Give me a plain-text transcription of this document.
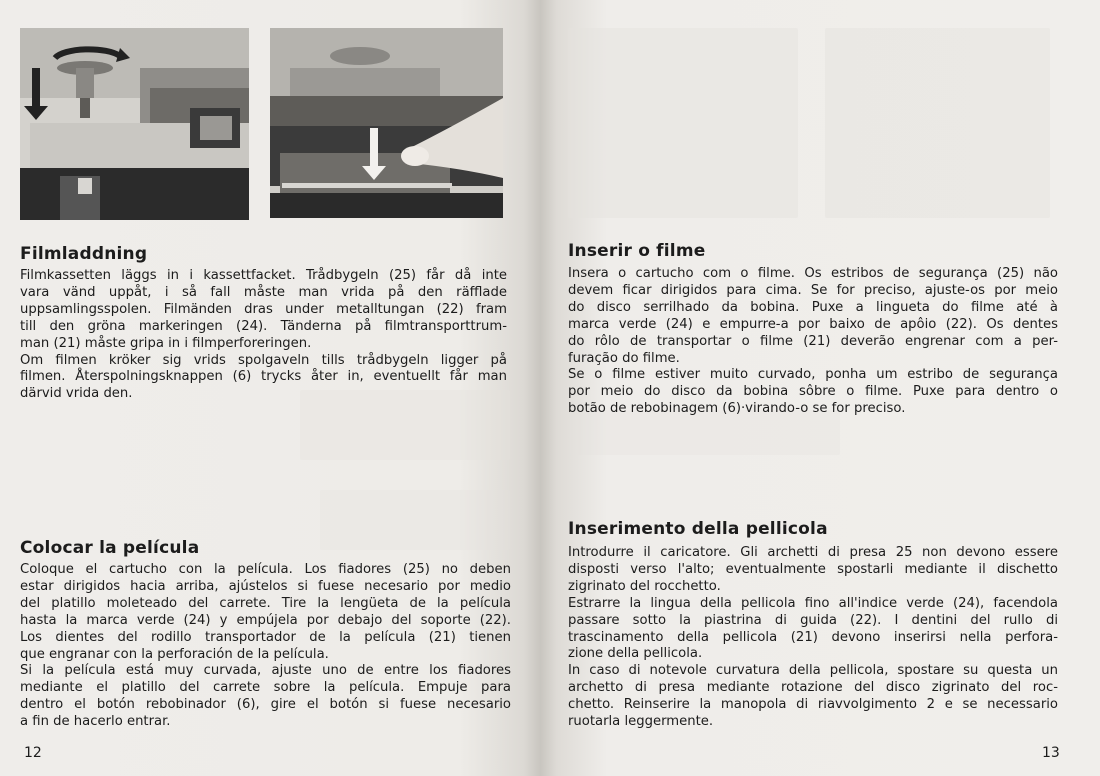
Filmladdning
Filmkassetten läggs in i kassettfacket. Trådbygeln (25) får då inte
vara vänd uppåt, i så fall måste man vrida på den räfflade
uppsamlingsspolen. Filmänden dras under metalltungan (22) fram
till den gröna markeringen (24). Tänderna på filmtransporttrum-
man (21) måste gripa in i filmperforeringen.
Om filmen kröker sig vrids spolgaveln tills trådbygeln ligger på
filmen. Återspolningsknappen (6) trycks åter in, eventuellt får man
därvid vrida den.
Colocar la película
Coloque el cartucho con la película. Los fiadores (25) no deben
estar dirigidos hacia arriba, ajústelos si fuese necesario por medio
del platillo moleteado del carrete. Tire la lengüeta de la película
hasta la marca verde (24) y empújela por debajo del soporte (22).
Los dientes del rodillo transportador de la película (21) tienen
que engranar con la perforación de la película.
Si la película está muy curvada, ajuste uno de entre los fiadores
mediante el platillo del carrete sobre la película. Empuje para
dentro el botón rebobinador (6), gire el botón si fuese necesario
a fin de hacerlo entrar.
12
Inserir o filme
Insera o cartucho com o filme. Os estribos de segurança (25) não
devem ficar dirigidos para cima. Se for preciso, ajuste-os por meio
do disco serrilhado da bobina. Puxe a lingueta do filme até à
marca verde (24) e empurre-a por baixo de apôio (22). Os dentes
do rôlo de transportar o filme (21) deverão engrenar com a per-
furação do filme.
Se o filme estiver muito curvado, ponha um estribo de segurança
por meio do disco da bobina sôbre o filme. Puxe para dentro o
botão de rebobinagem (6)·virando-o se for preciso.
Inserimento della pellicola
Introdurre il caricatore. Gli archetti di presa 25 non devono essere
disposti verso l'alto; eventualmente spostarli mediante il dischetto
zigrinato del rocchetto.
Estrarre la lingua della pellicola fino all'indice verde (24), facendola
passare sotto la piastrina di guida (22). I dentini del rullo di
trascinamento della pellicola (21) devono inserirsi nella perfora-
zione della pellicola.
In caso di notevole curvatura della pellicola, spostare su questa un
archetto di presa mediante rotazione del disco zigrinato del roc-
chetto. Reinserire la manopola di riavvolgimento 2 e se necessario
ruotarla leggermente.
13
